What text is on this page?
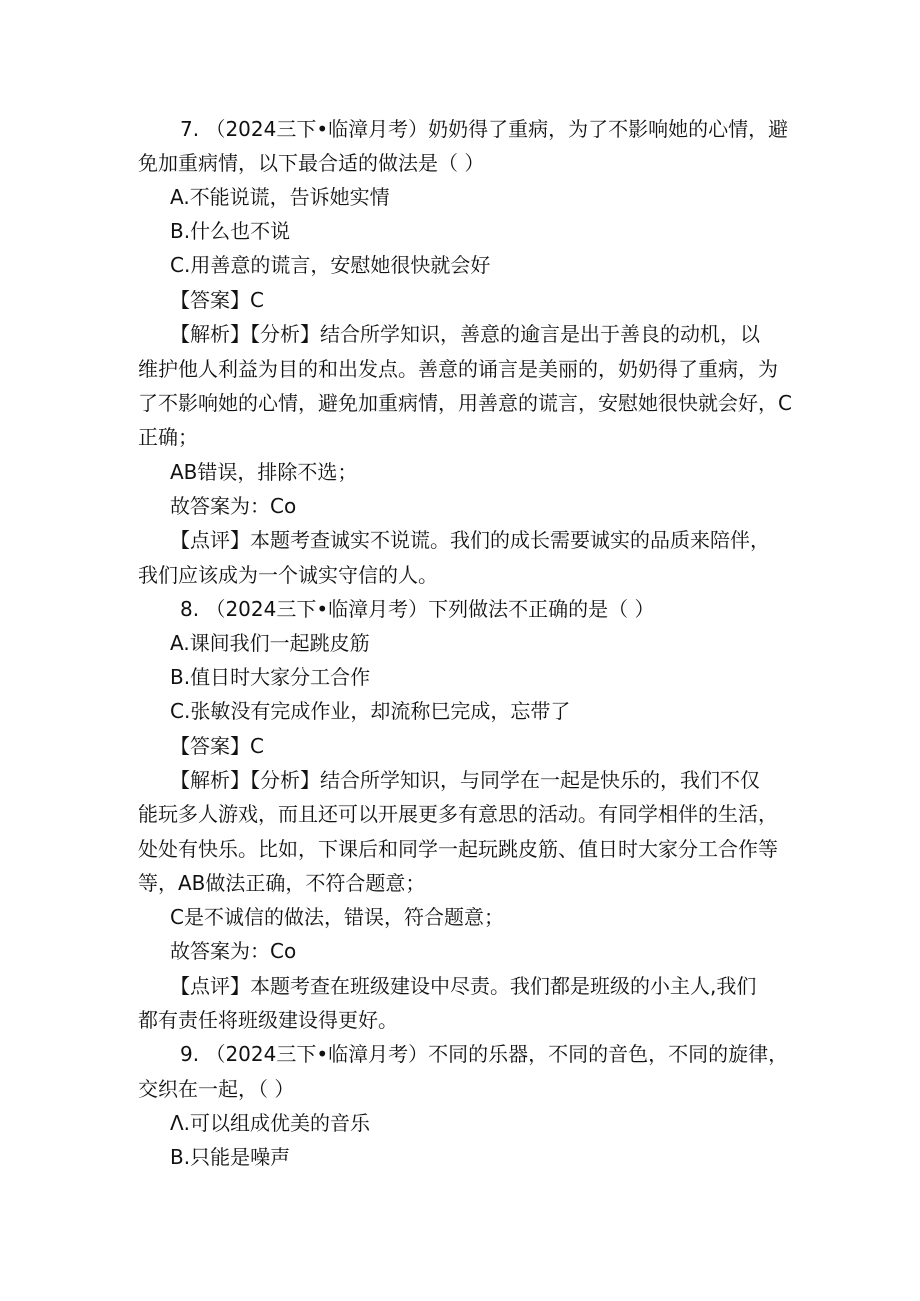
7. （2024三下•临漳月考）奶奶得了重病，为了不影响她的心情，避
免加重病情，以下最合适的做法是（ ）
A.不能说谎，告诉她实情
B.什么也不说
C.用善意的谎言，安慰她很快就会好
【答案】C
【解析】【分析】结合所学知识，善意的逾言是出于善良的动机，以
维护他人利益为目的和出发点。善意的诵言是美丽的，奶奶得了重病，为
了不影响她的心情，避免加重病情，用善意的谎言，安慰她很快就会好，C
正确；
AB错误，排除不选；
故答案为：Co
【点评】本题考查诚实不说谎。我们的成长需要诚实的品质来陪伴，
我们应该成为一个诚实守信的人。
8. （2024三下•临漳月考）下列做法不正确的是（ ）
A.课间我们一起跳皮筋
B.值日时大家分工合作
C.张敏没有完成作业，却流称巳完成，忘带了
【答案】C
【解析】【分析】结合所学知识，与同学在一起是快乐的，我们不仅
能玩多人游戏，而且还可以开展更多有意思的活动。有同学相伴的生活，
处处有快乐。比如，下课后和同学一起玩跳皮筋、值日时大家分工合作等
等，AB做法正确，不符合题意；
C是不诚信的做法，错误，符合题意；
故答案为：Co
【点评】本题考查在班级建设中尽责。我们都是班级的小主人,我们
都有责任将班级建设得更好。
9. （2024三下•临漳月考）不同的乐器，不同的音色，不同的旋律，
交织在一起，（ ）
Λ.可以组成优美的音乐
B.只能是噪声
